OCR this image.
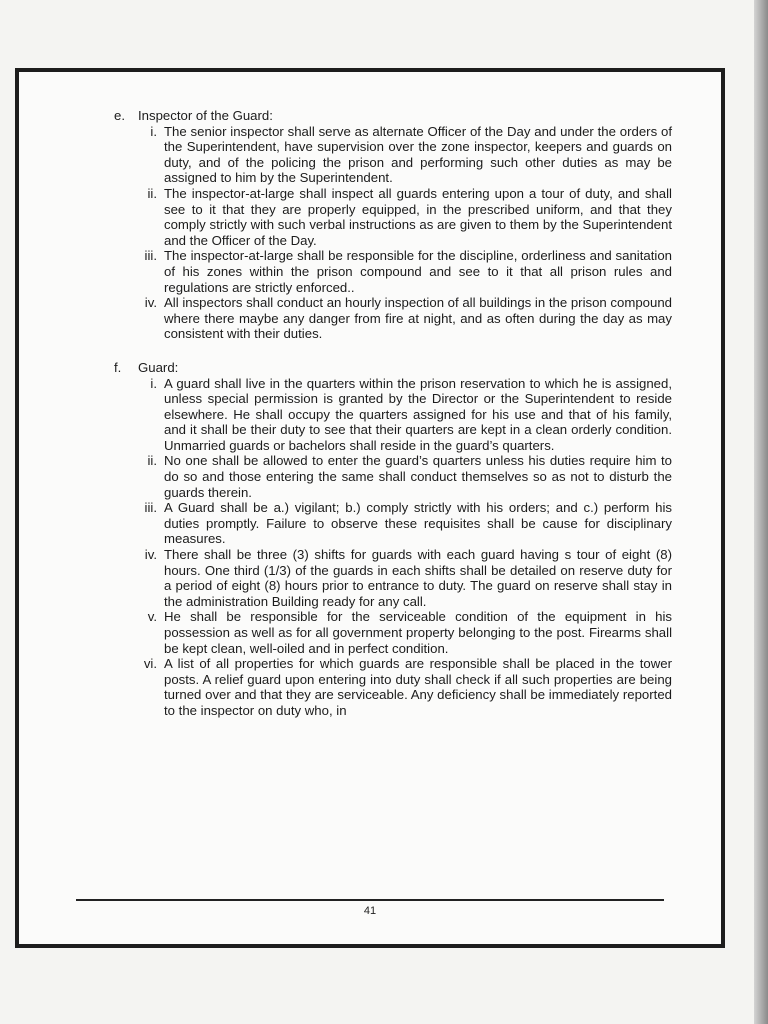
e. Inspector of the Guard:
i. The senior inspector shall serve as alternate Officer of the Day and under the orders of the Superintendent, have supervision over the zone inspector, keepers and guards on duty, and of the policing the prison and performing such other duties as may be assigned to him by the Superintendent.
ii. The inspector-at-large shall inspect all guards entering upon a tour of duty, and shall see to it that they are properly equipped, in the prescribed uniform, and that they comply strictly with such verbal instructions as are given to them by the Superintendent and the Officer of the Day.
iii. The inspector-at-large shall be responsible for the discipline, orderliness and sanitation of his zones within the prison compound and see to it that all prison rules and regulations are strictly enforced..
iv. All inspectors shall conduct an hourly inspection of all buildings in the prison compound where there maybe any danger from fire at night, and as often during the day as may consistent with their duties.
f.	Guard:
i. A guard shall live in the quarters within the prison reservation to which he is assigned, unless special permission is granted by the Director or the Superintendent to reside elsewhere. He shall occupy the quarters assigned for his use and that of his family, and it shall be their duty to see that their quarters are kept in a clean orderly condition. Unmarried guards or bachelors shall reside in the guard’s quarters.
ii. No one shall be allowed to enter the guard’s quarters unless his duties require him to do so and those entering the same shall conduct themselves so as not to disturb the guards therein.
iii. A Guard shall be a.) vigilant; b.) comply strictly with his orders; and c.) perform his duties promptly. Failure to observe these requisites shall be cause for disciplinary measures.
iv. There shall be three (3) shifts for guards with each guard having s tour of eight (8) hours. One third (1/3) of the guards in each shifts shall be detailed on reserve duty for a period of eight (8) hours prior to entrance to duty. The guard on reserve shall stay in the administration Building ready for any call.
v. He shall be responsible for the serviceable condition of the equipment in his possession as well as for all government property belonging to the post. Firearms shall be kept clean, well-oiled and in perfect condition.
vi. A list of all properties for which guards are responsible shall be placed in the tower posts. A relief guard upon entering into duty shall check if all such properties are being turned over and that they are serviceable. Any deficiency shall be immediately reported to the inspector on duty who, in
41
